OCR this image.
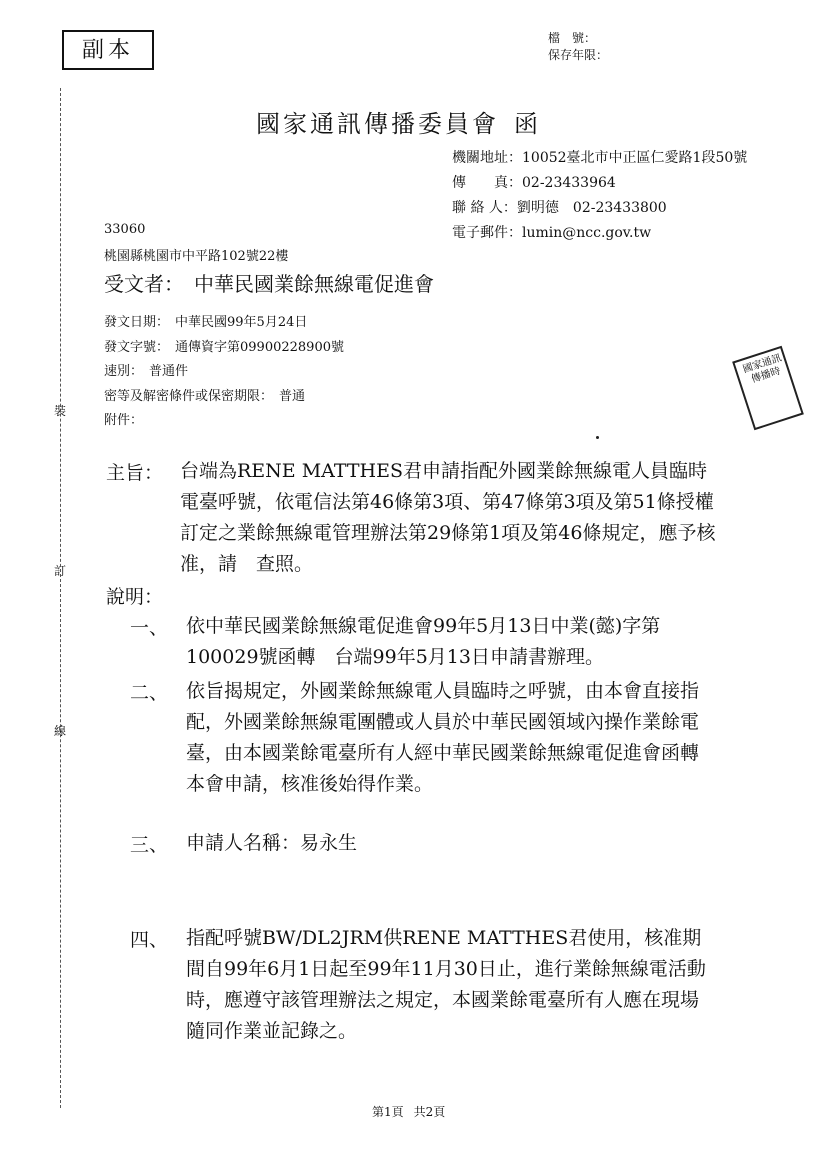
裝
訂
線
副本	檔　號：
保存年限：
國家通訊傳播委員會 函
機關地址：10052臺北市中正區仁愛路1段50號
傳　　真：02-23433964
聯 絡 人：劉明德　02-23433800
電子郵件：lumin@ncc.gov.tw
33060
桃園縣桃園市中平路102號22樓
受文者： 中華民國業餘無線電促進會
發文日期： 中華民國99年5月24日
發文字號： 通傳資字第09900228900號
速別： 普通件
密等及解密條件或保密期限： 普通
附件：
國家通訊傳播時
主旨： 台端為RENE MATTHES君申請指配外國業餘無線電人員臨時電臺呼號，依電信法第46條第3項、第47條第3項及第51條授權訂定之業餘無線電管理辦法第29條第1項及第46條規定，應予核准，請　查照。
說明：
一、 依中華民國業餘無線電促進會99年5月13日中業(懿)字第100029號函轉　台端99年5月13日申請書辦理。
二、 依旨揭規定，外國業餘無線電人員臨時之呼號，由本會直接指配，外國業餘無線電團體或人員於中華民國領域內操作業餘電臺，由本國業餘電臺所有人經中華民國業餘無線電促進會函轉本會申請，核准後始得作業。
三、 申請人名稱：易永生
四、 指配呼號BW/DL2JRM供RENE MATTHES君使用，核准期間自99年6月1日起至99年11月30日止，進行業餘無線電活動時，應遵守該管理辦法之規定，本國業餘電臺所有人應在現場隨同作業並記錄之。
第1頁 共2頁
